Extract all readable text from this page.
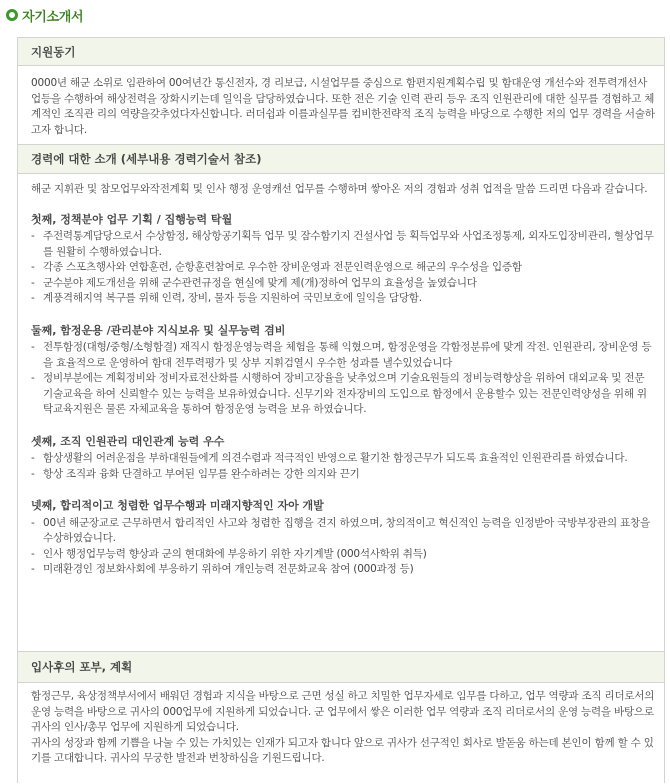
자기소개서
지원동기

0000년 해군 소위로 임관하여 00여년간 통신전자, 경 리보급, 시설업무를 중심으로 함편지원계획수립 및 함대운영 개선수와 전투력개선사업등을 수행하여 해상전력을 장화시키는데 일익을 담당하였습니다. 또한 전은 기술 인력 관리 등우 조직 인원관리에 대한 실무를 경험하고 체계적인 조직관 리의 역량을갖추었다자신합니다. 러더쉽과 이를과실무를 컴비한전략적 조직 능력을 바당으로 수행한 저의 업무 경력을 서술하고자 합니다.

경력에 대한 소개 (세부내용 경력기술서 참조)

해군 지휘관 및 참모업무와작전계획 및 인사 행정 운영캐선 업무를 수행하며 쌓아온 저의 경험과 성취 업적을 말씀 드리면 다음과 갈습니다.

첫째, 정책분야 업무 기획 / 집행능력 탁월
- 주전력통계담당으로서 수상함정, 해상항공기획득 업무 및 잠수함기지 건설사업 등 획득업무와 사업조정통제, 외자도입장비관리, 혈상업무를 원활히 수행하였습니다.
- 각종 스포츠행사와 연합훈련, 순항훈련참여로 우수한 장비운영과 전문인력운영으로 해군의 우수성을 입증함
- 군수분야 제도개선을 위해 군수관련규정을 현실에 맞게 제(개)정하여 업무의 효율성을 높였습니다
- 계풍격해지역 복구를 위해 인력, 장비, 물자 등을 지원하여 국민보호에 일익을 담당함.
둘째, 함정운용 /관리분야 지식보유 및 실무능력 겸비
- 전투함정(대형/중형/소형함결) 재직시 함정운영능력을 체험을 통해 익혔으며, 함정운영을 각함정분류에 맞게 작전. 인원관리, 장비운영 등을 효율적으로 운영하여 함대 전투력평가 및 상부 지휘검열시 우수한 성과를 낼수있었습니다
- 정비부분에는 계획정비와 정비자료전산화를 시행하여 장비고장율을 낮추었으며 기술요원들의 정비능력향상을 위하여 대외교육 및 전문 기술교육을 하여 신뢰할수 있는 능력을 보유하였습니다. 신무기와 전자장비의 도입으로 함정에서 운용할수 있는 전문인력양성을 위해 위탁교육지원은 물론 자체교육을 통하여 함정운영 능력을 보유 하였습니다.
셋째, 조직 인원관리 대인관계 능력 우수
- 함상생활의 어려운점을 부하대원들에게 의견수렴과 적극적인 반영으로 활기찬 함정근무가 되도록 효율적인 인원관리를 하였습니다.
- 항상 조직과 융화 단결하고 부여된 임무를 완수하려는 강한 의지와 끈기
넷째, 합리적이고 청렴한 업무수행과 미래지향적인 자아 개발
- 00년 해군장교로 근무하면서 합리적인 사고와 청렴한 집행을 견지 하였으며, 창의적이고 혁신적인 능력을 인정받아 국방부장관의 표창을 수상하였습니다.
- 인사 행정업무능력 향상과 군의 현대화에 부응하기 위한 자기계발 (000석사학위 취득)
- 미래환경인 정보화사회에 부응하기 위하여 개인능력 전문화교육 참여 (000과정 등)
입사후의 포부, 계획

함정근무, 육상정책부서에서 배워던 경험과 지식을 바탕으로 근면 성실 하고 치밀한 업무자세로 임무를 다하고, 업무 역량과 조직 리더로서의 운영 능력을 바탕으로 귀사의 000업무에 지원하게 되었습니다. 군 업무에서 쌓은 이러한 업무 역량과 조직 리더로서의 운영 능력을 바탕으로 귀사의 인사/총무 업무에 지원하게 되었습니다.

귀사의 성장과 함께 기쁨을 나눌 수 있는 가치있는 인재가 되고자 합니다 앞으로 귀사가 선구적인 회사로 발돋움 하는데 본인이 함께 할 수 있기를 고대합니다. 귀사의 무궁한 발전과 번창하심을 기원드립니다.
